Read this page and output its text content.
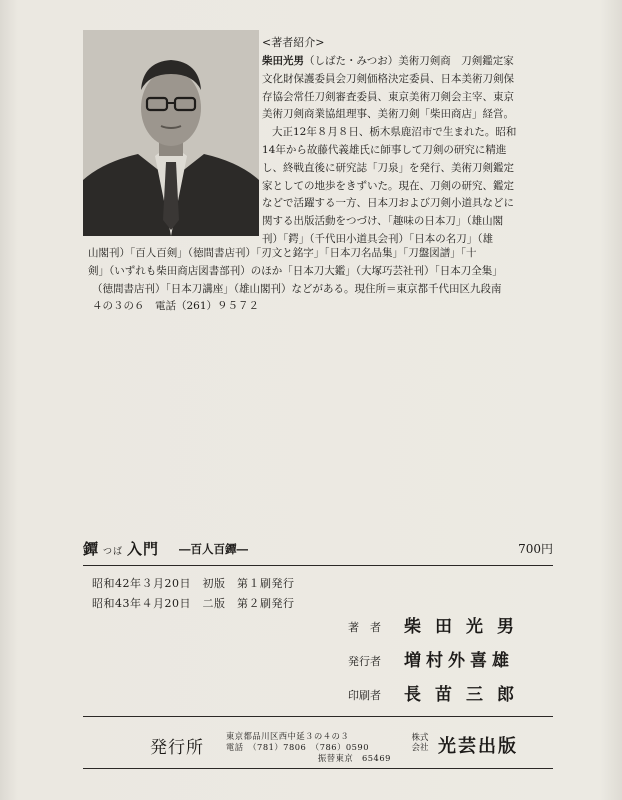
<著者紹介>
柴田光男（しばた・みつお）美術刀剣商　刀剣鑑定家
文化財保護委員会刀剣価格決定委員、日本美術刀剣保
存協会常任刀剣審査委員、東京美術刀剣会主宰、東京
美術刀剣商業協組理事、美術刀剣「柴田商店」経営。
大正12年８月８日、栃木県鹿沼市で生まれた。昭和
14年から故藤代義雄氏に師事して刀剣の研究に精進
し、終戦直後に研究誌「刀泉」を発行、美術刀剣鑑定
家としての地歩をきずいた。現在、刀剣の研究、鑑定
などで活躍する一方、日本刀および刀剣小道具などに
関する出版活動をつづけ、「趣味の日本刀」（雄山閣
刊）「鍔」（千代田小道具会刊）「日本の名刀」（雄
山閣刊）「百人百剣」（徳間書店刊）「刃文と銘字」「日本刀名品集」「刀盤図譜」「十
剣」（いずれも柴田商店図書部刊）のほか「日本刀大鑑」（大塚巧芸社刊）「日本刀全集」
（徳間書店刊）「日本刀講座」（雄山閣刊）などがある。現住所＝東京都千代田区九段南
４の３の６　電話（261）９５７２
鐔つば 入門 ―百人百鐔―	700円
昭和42年３月20日　初版　第１刷発行
昭和43年４月20日　二版　第２刷発行
著　者 柴田光男
発行者 増村外喜雄
印刷者 長苗三郎
発行所
東京都品川区西中延３の４の３
電話　（781）7806　（786）0590
振替東京　65469
株式会社 光芸出版
